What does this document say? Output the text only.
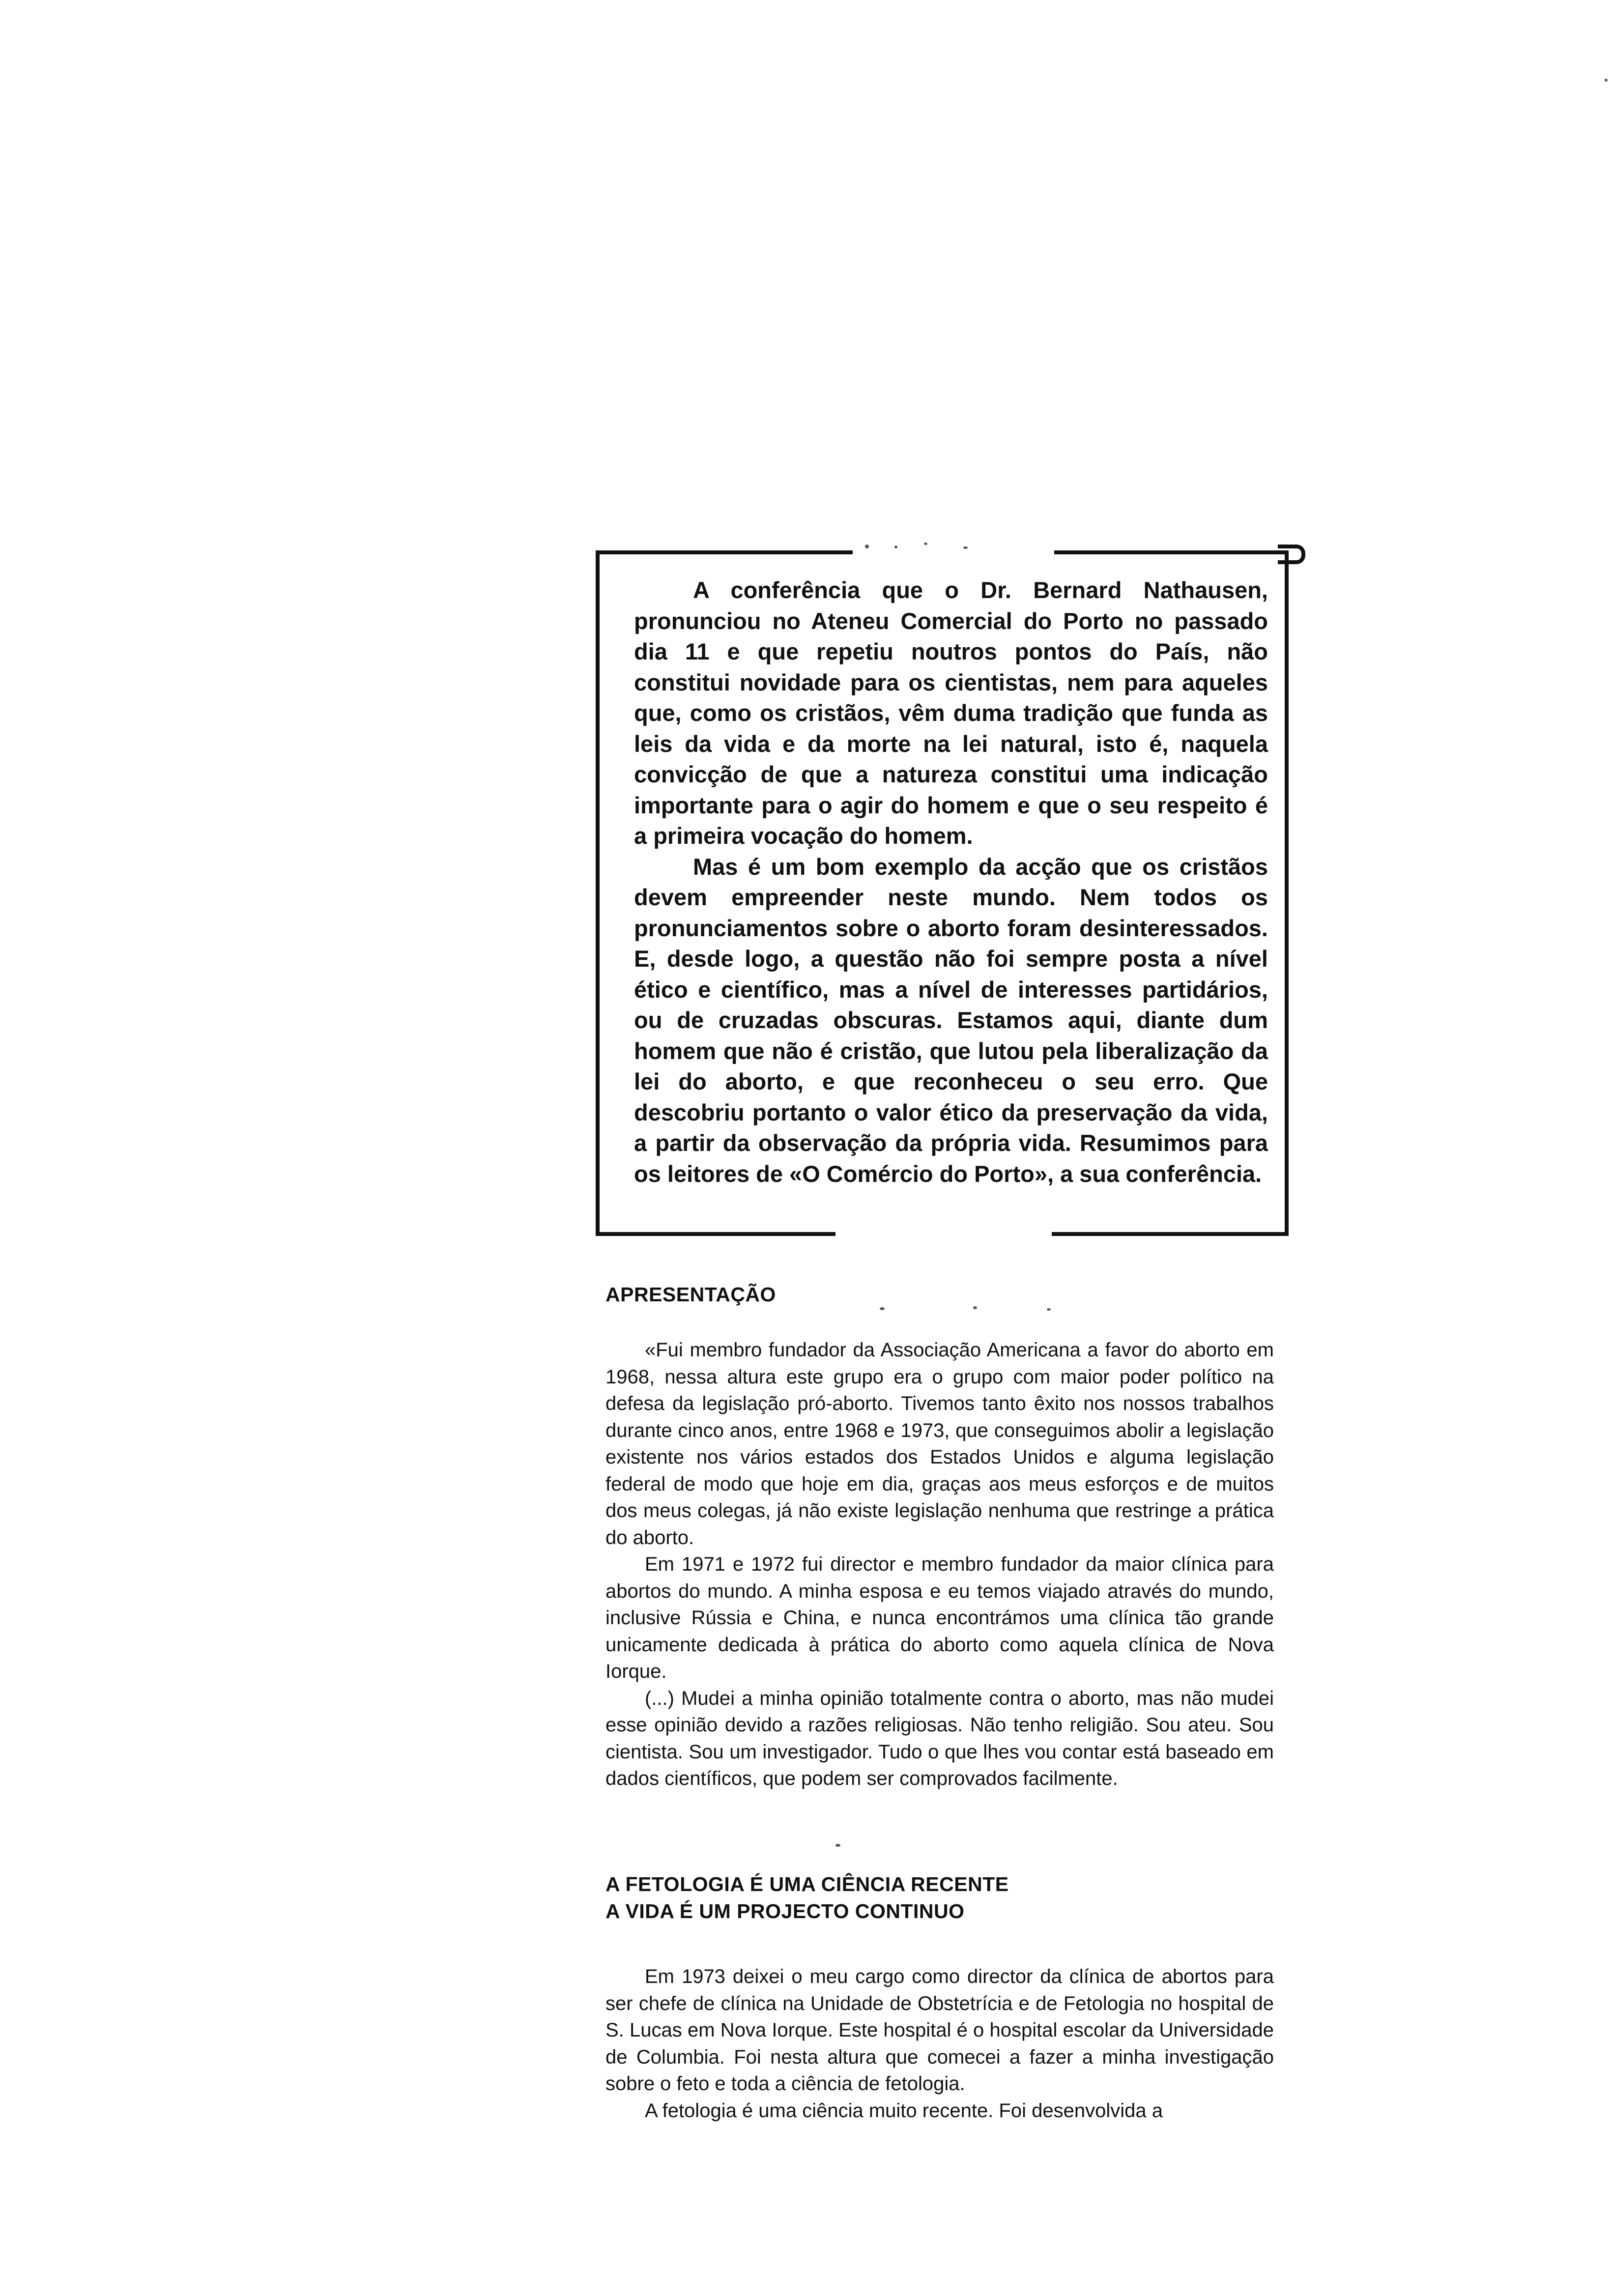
A conferência que o Dr. Bernard Nathausen, pronunciou no Ateneu Comercial do Porto no passado dia 11 e que repetiu noutros pontos do País, não constitui novidade para os cientistas, nem para aqueles que, como os cristãos, vêm duma tradição que funda as leis da vida e da morte na lei natural, isto é, naquela convicção de que a natureza constitui uma indicação importante para o agir do homem e que o seu respeito é a primeira vocação do homem.

Mas é um bom exemplo da acção que os cristãos devem empreender neste mundo. Nem todos os pronunciamentos sobre o aborto foram desinteressados. E, desde logo, a questão não foi sempre posta a nível ético e científico, mas a nível de interesses partidários, ou de cruzadas obscuras. Estamos aqui, diante dum homem que não é cristão, que lutou pela liberalização da lei do aborto, e que reconheceu o seu erro. Que descobriu portanto o valor ético da preservação da vida, a partir da observação da própria vida. Resumimos para os leitores de «O Comércio do Porto», a sua conferência.

APRESENTAÇÃO

«Fui membro fundador da Associação Americana a favor do aborto em 1968, nessa altura este grupo era o grupo com maior poder político na defesa da legislação pró-aborto. Tivemos tanto êxito nos nossos trabalhos durante cinco anos, entre 1968 e 1973, que conseguimos abolir a legislação existente nos vários estados dos Estados Unidos e alguma legislação federal de modo que hoje em dia, graças aos meus esforços e de muitos dos meus colegas, já não existe legislação nenhuma que restringe a prática do aborto.

Em 1971 e 1972 fui director e membro fundador da maior clínica para abortos do mundo. A minha esposa e eu temos viajado através do mundo, inclusive Rússia e China, e nunca encontrámos uma clínica tão grande unicamente dedicada à prática do aborto como aquela clínica de Nova Iorque.

(...) Mudei a minha opinião totalmente contra o aborto, mas não mudei esse opinião devido a razões religiosas. Não tenho religião. Sou ateu. Sou cientista. Sou um investigador. Tudo o que lhes vou contar está baseado em dados científicos, que podem ser comprovados facilmente.

A FETOLOGIA É UMA CIÊNCIA RECENTE
A VIDA É UM PROJECTO CONTINUO

Em 1973 deixei o meu cargo como director da clínica de abortos para ser chefe de clínica na Unidade de Obstetrícia e de Fetologia no hospital de S. Lucas em Nova Iorque. Este hospital é o hospital escolar da Universidade de Columbia. Foi nesta altura que comecei a fazer a minha investigação sobre o feto e toda a ciência de fetologia.

A fetologia é uma ciência muito recente. Foi desenvolvida a
